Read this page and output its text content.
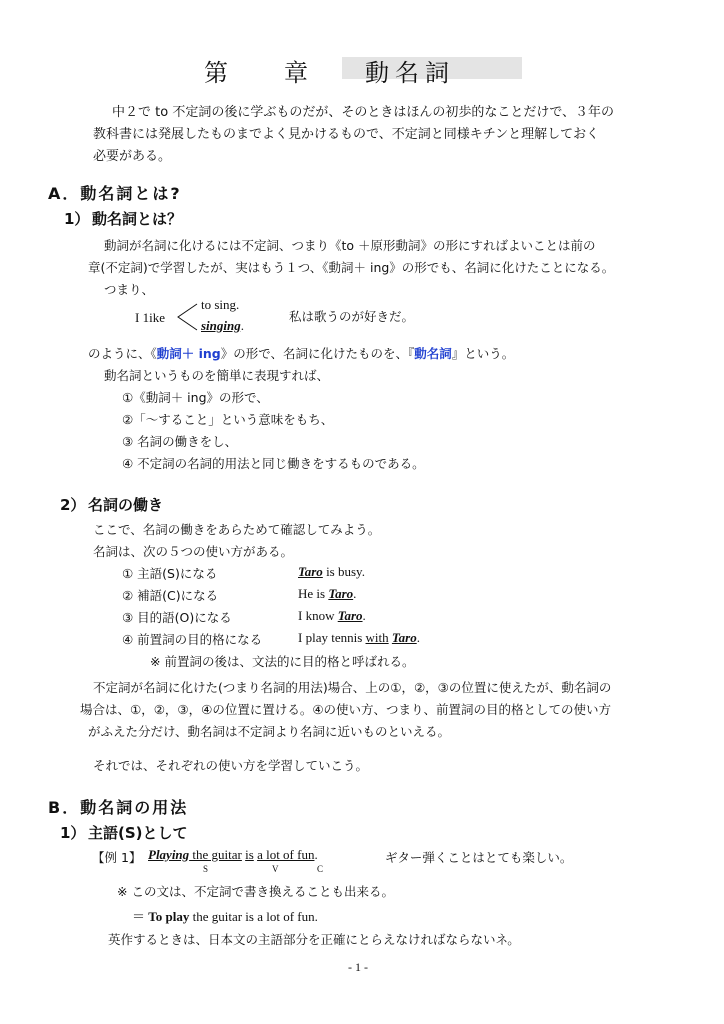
第 章 動名詞
中２で to 不定詞の後に学ぶものだが、そのときはほんの初歩的なことだけで、３年の
教科書には発展したものまでよく見かけるもので、不定詞と同様キチンと理解しておく
必要がある。
A．動名詞とは?
1） 動名詞とは？
動詞が名詞に化けるには不定詞、つまり《to ＋原形動詞》の形にすればよいことは前の
章(不定詞)で学習したが、実はもう１つ、《動詞＋ ing》の形でも、名詞に化けたことになる。
つまり、
I 1ike
to sing.
singing.
私は歌うのが好きだ。
のように、《動詞＋ ing》の形で、名詞に化けたものを、『動名詞』という。
動名詞というものを簡単に表現すれば、
①《動詞＋ ing》の形で、
②「～すること」という意味をもち、
③ 名詞の働きをし、
④ 不定詞の名詞的用法と同じ働きをするものである。
2） 名詞の働き
ここで、名詞の働きをあらためて確認してみよう。
名詞は、次の５つの使い方がある。
① 主語(S)になる	Taro is busy.
② 補語(C)になる	He is Taro.
③ 目的語(O)になる	I know Taro.
④ 前置詞の目的格になる	I play tennis with Taro.
※ 前置詞の後は、文法的に目的格と呼ばれる。
不定詞が名詞に化けた(つまり名詞的用法)場合、上の①，②，③の位置に使えたが、動名詞の
場合は、①，②，③，④の位置に置ける。④の使い方、つまり、前置詞の目的格としての使い方
がふえた分だけ、動名詞は不定詞より名詞に近いものといえる。
それでは、それぞれの使い方を学習していこう。
B．動名詞の用法
1） 主語(S)として
【例 1】 Playing the guitar is a lot of fun.
S	V	C
ギター弾くことはとても楽しい。
※ この文は、不定詞で書き換えることも出来る。
＝ To play the guitar is a lot of fun.
英作するときは、日本文の主語部分を正確にとらえなければならないネ。
- 1 -
